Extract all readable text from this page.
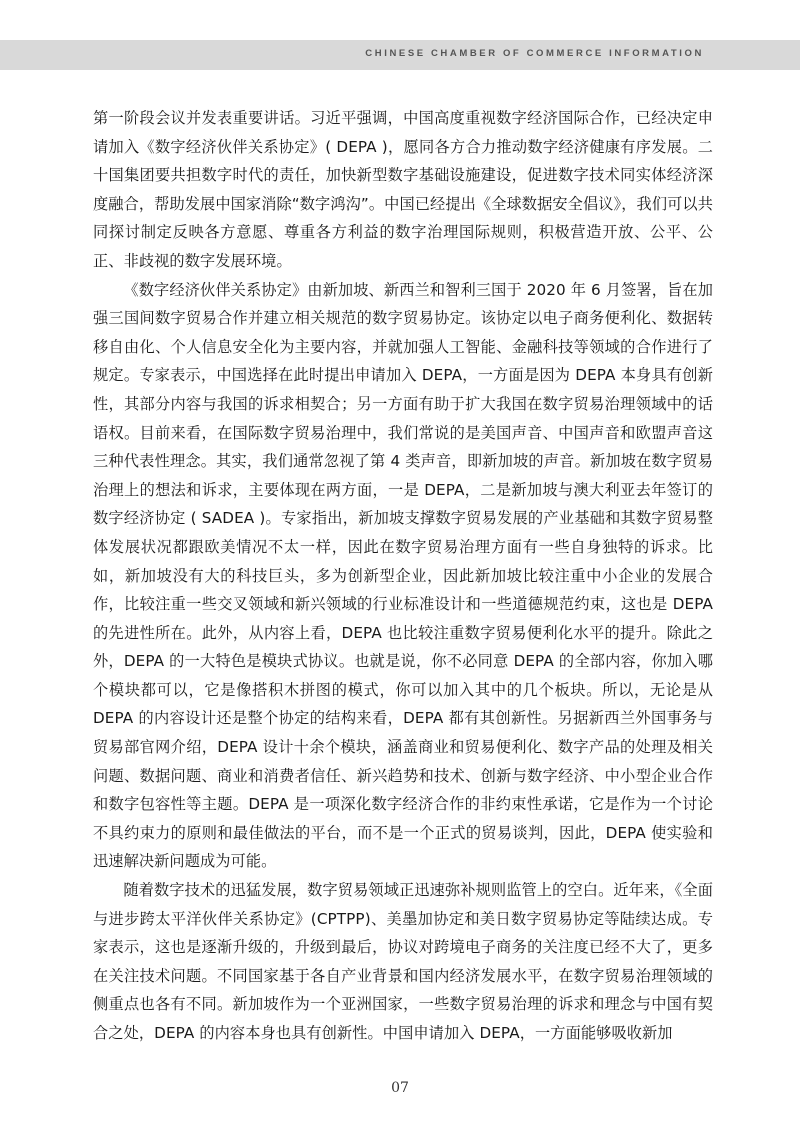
CHINESE CHAMBER OF COMMERCE INFORMATION

第一阶段会议并发表重要讲话。习近平强调，中国高度重视数字经济国际合作，已经决定申请加入《数字经济伙伴关系协定》( DEPA )，愿同各方合力推动数字经济健康有序发展。二十国集团要共担数字时代的责任，加快新型数字基础设施建设，促进数字技术同实体经济深度融合，帮助发展中国家消除“数字鸿沟”。中国已经提出《全球数据安全倡议》，我们可以共同探讨制定反映各方意愿、尊重各方利益的数字治理国际规则，积极营造开放、公平、公正、非歧视的数字发展环境。

《数字经济伙伴关系协定》由新加坡、新西兰和智利三国于 2020 年 6 月签署，旨在加强三国间数字贸易合作并建立相关规范的数字贸易协定。该协定以电子商务便利化、数据转移自由化、个人信息安全化为主要内容，并就加强人工智能、金融科技等领域的合作进行了规定。专家表示，中国选择在此时提出申请加入 DEPA，一方面是因为 DEPA 本身具有创新性，其部分内容与我国的诉求相契合；另一方面有助于扩大我国在数字贸易治理领域中的话语权。目前来看，在国际数字贸易治理中，我们常说的是美国声音、中国声音和欧盟声音这三种代表性理念。其实，我们通常忽视了第 4 类声音，即新加坡的声音。新加坡在数字贸易治理上的想法和诉求，主要体现在两方面，一是 DEPA，二是新加坡与澳大利亚去年签订的数字经济协定 ( SADEA )。专家指出，新加坡支撑数字贸易发展的产业基础和其数字贸易整体发展状况都跟欧美情况不太一样，因此在数字贸易治理方面有一些自身独特的诉求。比如，新加坡没有大的科技巨头，多为创新型企业，因此新加坡比较注重中小企业的发展合作，比较注重一些交叉领域和新兴领域的行业标准设计和一些道德规范约束，这也是 DEPA 的先进性所在。此外，从内容上看，DEPA 也比较注重数字贸易便利化水平的提升。除此之外，DEPA 的一大特色是模块式协议。也就是说，你不必同意 DEPA 的全部内容，你加入哪个模块都可以，它是像搭积木拼图的模式，你可以加入其中的几个板块。所以，无论是从 DEPA 的内容设计还是整个协定的结构来看，DEPA 都有其创新性。另据新西兰外国事务与贸易部官网介绍，DEPA 设计十余个模块，涵盖商业和贸易便利化、数字产品的处理及相关问题、数据问题、商业和消费者信任、新兴趋势和技术、创新与数字经济、中小型企业合作和数字包容性等主题。DEPA 是一项深化数字经济合作的非约束性承诺，它是作为一个讨论不具约束力的原则和最佳做法的平台，而不是一个正式的贸易谈判，因此，DEPA 使实验和迅速解决新问题成为可能。

随着数字技术的迅猛发展，数字贸易领域正迅速弥补规则监管上的空白。近年来，《全面与进步跨太平洋伙伴关系协定》(CPTPP)、美墨加协定和美日数字贸易协定等陆续达成。专家表示，这也是逐渐升级的，升级到最后，协议对跨境电子商务的关注度已经不大了，更多在关注技术问题。不同国家基于各自产业背景和国内经济发展水平，在数字贸易治理领域的侧重点也各有不同。新加坡作为一个亚洲国家，一些数字贸易治理的诉求和理念与中国有契合之处，DEPA 的内容本身也具有创新性。中国申请加入 DEPA，一方面能够吸收新加

07
